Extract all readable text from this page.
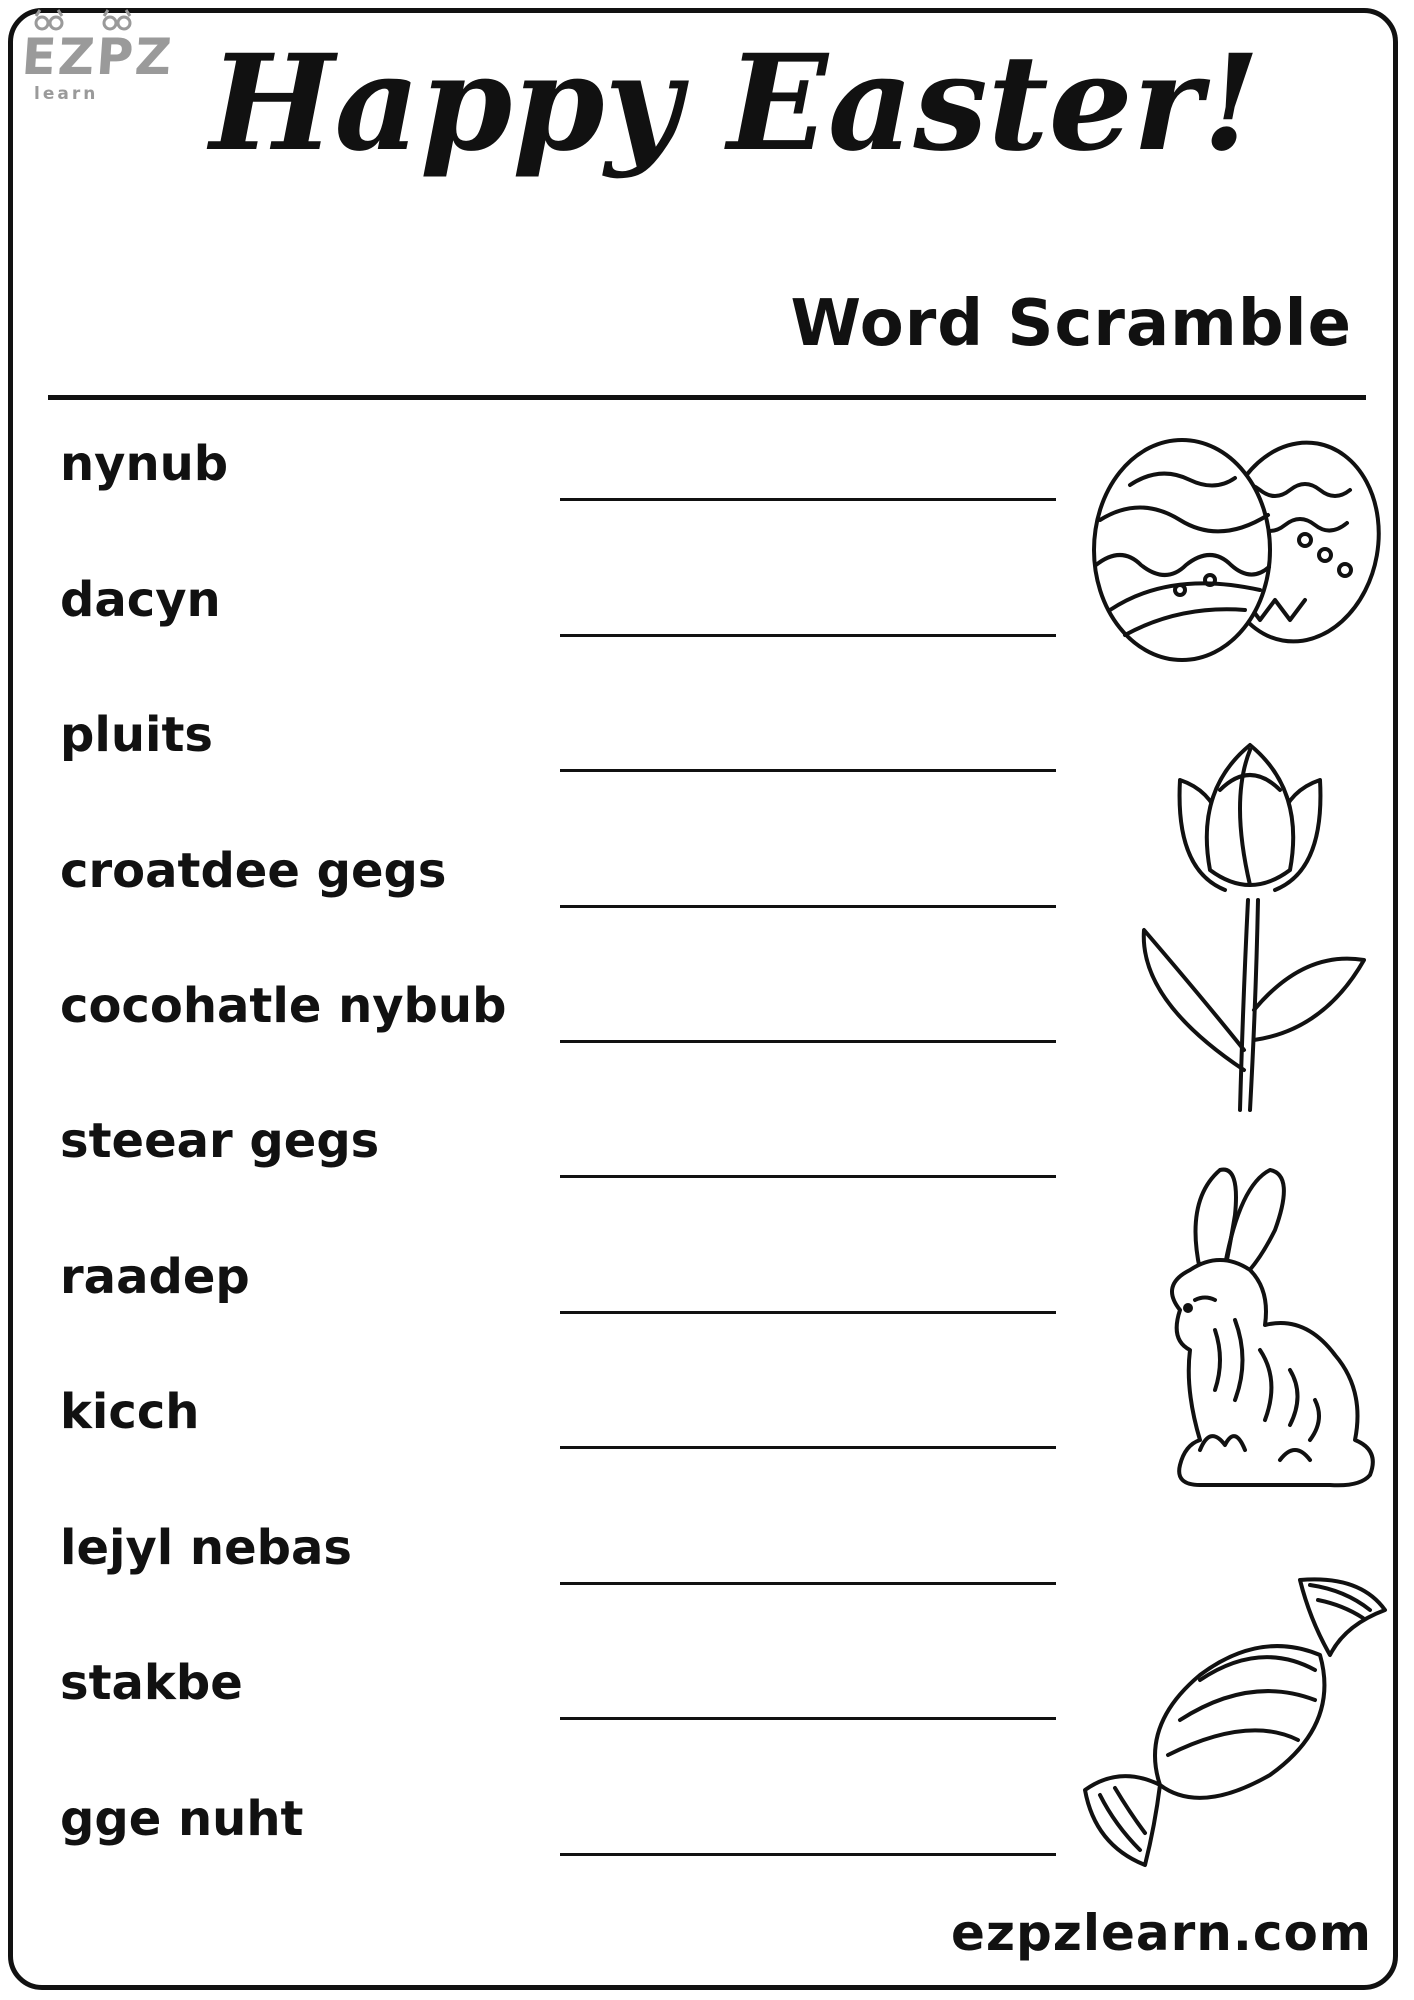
EZPZ
learn Happy Easter!
Word Scramble
nynub
dacyn
pluits
croatdee gegs
cocohatle nybub
steear gegs
raadep
kicch
lejyl nebas
stakbe
gge nuht
ezpzlearn.com
